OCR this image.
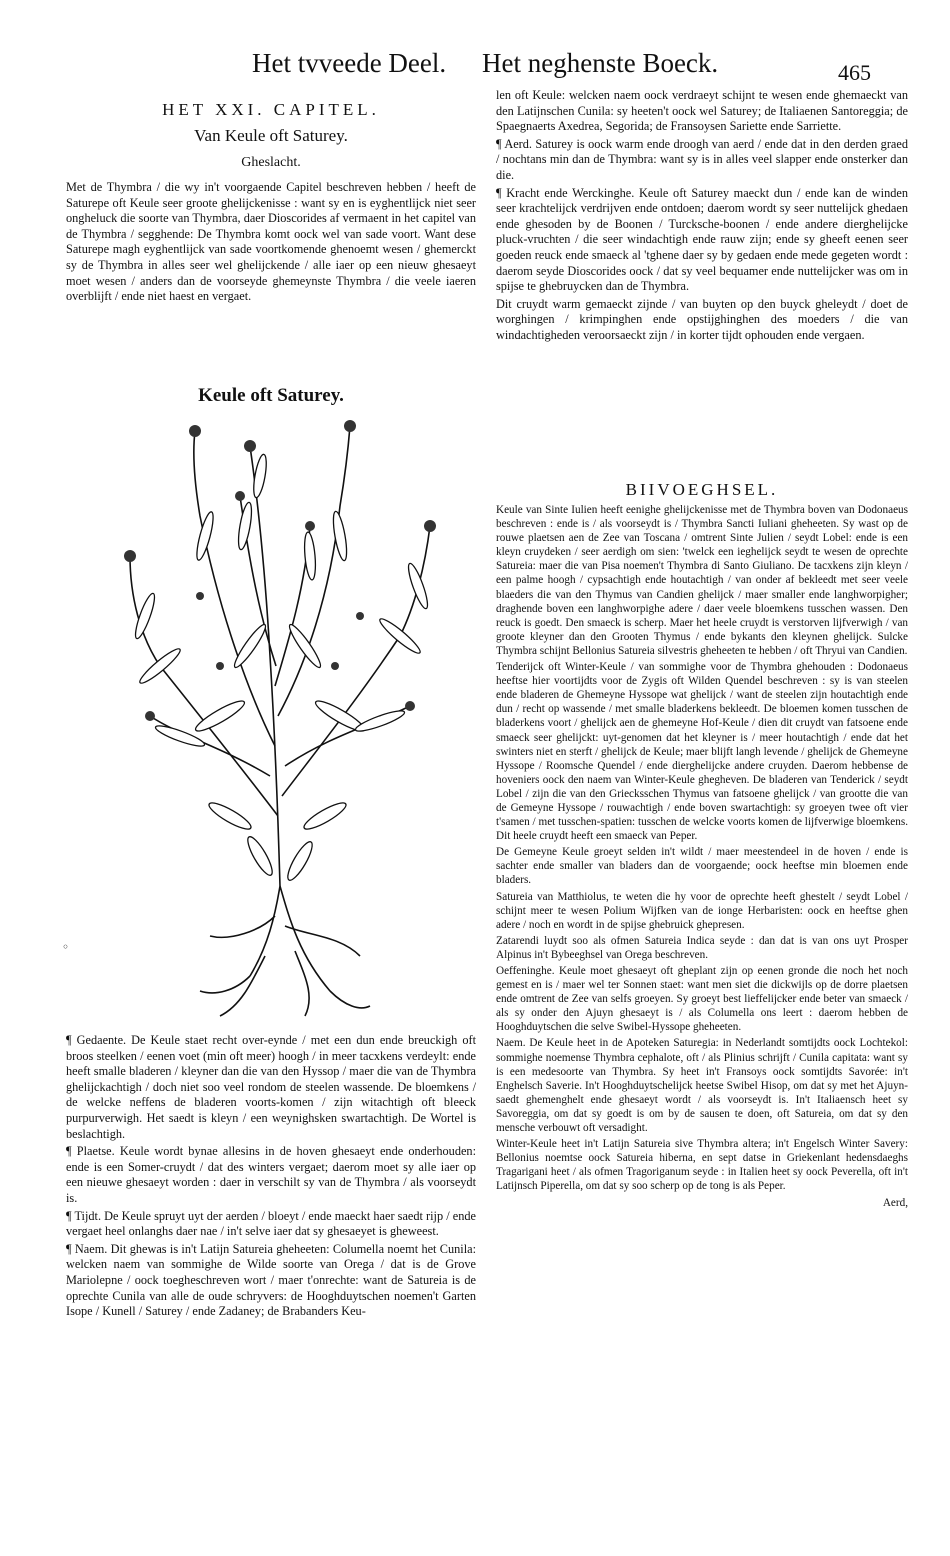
Het tvveede Deel. Het neghenste Boeck.	465
HET XXI. CAPITEL.
Van Keule oft Saturey.
Gheslacht.

Met de Thymbra / die wy in't voorgaende Capitel beschreven hebben / heeft de Saturepe oft Keule seer groote ghelijckenisse : want sy en is eyghentlijck niet seer ongheluck die soorte van Thymbra, daer Dioscorides af vermaent in het capitel van de Thymbra / segghende: De Thymbra komt oock wel van sade voort. Want dese Saturepe magh eyghentlijck van sade voortkomende ghenoemt wesen / ghemerckt sy de Thymbra in alles seer wel ghelijckende / alle iaer op een nieuw ghesaeyt moet wesen / anders dan de voorseyde ghemeynste Thymbra / die veele iaeren overblijft / ende niet haest en vergaet.

Keule oft Saturey.
◦

¶ Gedaente. De Keule staet recht over-eynde / met een dun ende breuckigh oft broos steelken / eenen voet (min oft meer) hoogh / in meer tacxkens verdeylt: ende heeft smalle bladeren / kleyner dan die van den Hyssop / maer die van de Thymbra ghelijckachtigh / doch niet soo veel rondom de steelen wassende. De bloemkens / de welcke neffens de bladeren voorts-komen / zijn witachtigh oft bleeck purpurverwigh. Het saedt is kleyn / een weynighsken swartachtigh. De Wortel is beslachtigh.

¶ Plaetse. Keule wordt bynae allesins in de hoven ghesaeyt ende onderhouden: ende is een Somer-cruydt / dat des winters vergaet; daerom moet sy alle iaer op een nieuwe ghesaeyt worden : daer in verschilt sy van de Thymbra / als voorseydt is.

¶ Tijdt. De Keule spruyt uyt der aerden / bloeyt / ende maeckt haer saedt rijp / ende vergaet heel onlanghs daer nae / in't selve iaer dat sy ghesaeyet is gheweest.

¶ Naem. Dit ghewas is in't Latijn Satureia gheheeten: Columella noemt het Cunila: welcken naem van sommighe de Wilde soorte van Orega / dat is de Grove Mariolepne / oock toegheschreven wort / maer t'onrechte: want de Satureia is de oprechte Cunila van alle de oude schryvers: de Hooghduytschen noemen't Garten Isope / Kunell / Saturey / ende Zadaney; de Brabanders Keu-

len oft Keule: welcken naem oock verdraeyt schijnt te wesen ende ghemaeckt van den Latijnschen Cunila: sy heeten't oock wel Saturey; de Italiaenen Santoreggia; de Spaegnaerts Axedrea, Segorida; de Fransoysen Sariette ende Sarriette.

¶ Aerd. Saturey is oock warm ende droogh van aerd / ende dat in den derden graed / nochtans min dan de Thymbra: want sy is in alles veel slapper ende onsterker dan die.

¶ Kracht ende Werckinghe. Keule oft Saturey maeckt dun / ende kan de winden seer krachtelijck verdrijven ende ontdoen; daerom wordt sy seer nuttelijck ghedaen ende ghesoden by de Boonen / Turcksche-boonen / ende andere dierghelijcke pluck-vruchten / die seer windachtigh ende rauw zijn; ende sy gheeft eenen seer goeden reuck ende smaeck al 'tghene daer sy by gedaen ende mede gegeten wordt : daerom seyde Dioscorides oock / dat sy veel bequamer ende nuttelijcker was om in spijse te ghebruycken dan de Thymbra.

Dit cruydt warm gemaeckt zijnde / van buyten op den buyck gheleydt / doet de worghingen / krimpinghen ende opstijghinghen des moeders / die van windachtigheden veroorsaeckt zijn / in korter tijdt ophouden ende vergaen.

BIIVOEGHSEL.

Keule van Sinte Iulien heeft eenighe ghelijckenisse met de Thymbra boven van Dodonaeus beschreven : ende is / als voorseydt is / Thymbra Sancti Iuliani gheheeten. Sy wast op de rouwe plaetsen aen de Zee van Toscana / omtrent Sinte Julien / seydt Lobel: ende is een kleyn cruydeken / seer aerdigh om sien: 'twelck een ieghelijck seydt te wesen de oprechte Satureia: maer die van Pisa noemen't Thymbra di Santo Giuliano. De tacxkens zijn kleyn / een palme hoogh / cypsachtigh ende houtachtigh / van onder af bekleedt met seer veele blaeders die van den Thymus van Candien ghelijck / maer smaller ende langhworpigher; draghende boven een langhworpighe adere / daer veele bloemkens tusschen wassen. Den reuck is goedt. Den smaeck is scherp. Maer het heele cruydt is verstorven lijfverwigh / van groote kleyner dan den Grooten Thymus / ende bykants den kleynen ghelijck. Sulcke Thymbra schijnt Bellonius Satureia silvestris gheheeten te hebben / oft Thryui van Candien.

Tenderijck oft Winter-Keule / van sommighe voor de Thymbra ghehouden : Dodonaeus heeftse hier voortijdts voor de Zygis oft Wilden Quendel beschreven : sy is van steelen ende bladeren de Ghemeyne Hyssope wat ghelijck / want de steelen zijn houtachtigh ende dun / recht op wassende / met smalle bladerkens bekleedt. De bloemen komen tusschen de bladerkens voort / ghelijck aen de ghemeyne Hof-Keule / dien dit cruydt van fatsoene ende smaeck seer ghelijckt: uyt-genomen dat het kleyner is / meer houtachtigh / ende dat het swinters niet en sterft / ghelijck de Keule; maer blijft langh levende / ghelijck de Ghemeyne Hyssope / Roomsche Quendel / ende dierghelijcke andere cruyden. Daerom hebbense de hoveniers oock den naem van Winter-Keule ghegheven. De bladeren van Tenderick / seydt Lobel / zijn die van den Griecksschen Thymus van fatsoene ghelijck / van grootte die van de Gemeyne Hyssope / rouwachtigh / ende boven swartachtigh: sy groeyen twee oft vier t'samen / met tusschen-spatien: tusschen de welcke voorts komen de lijfverwige bloemkens. Dit heele cruydt heeft een smaeck van Peper.

De Gemeyne Keule groeyt selden in't wildt / maer meestendeel in de hoven / ende is sachter ende smaller van bladers dan de voorgaende; oock heeftse min bloemen ende bladers.

Satureia van Matthiolus, te weten die hy voor de oprechte heeft ghestelt / seydt Lobel / schijnt meer te wesen Polium Wijfken van de ionge Herbaristen: oock en heeftse ghen adere / noch en wordt in de spijse ghebruick ghepresen.

Zatarendi luydt soo als ofmen Satureia Indica seyde : dan dat is van ons uyt Prosper Alpinus in't Bybeeghsel van Orega beschreven.

Oeffeninghe. Keule moet ghesaeyt oft gheplant zijn op eenen gronde die noch het noch gemest en is / maer wel ter Sonnen staet: want men siet die dickwijls op de dorre plaetsen ende omtrent de Zee van selfs groeyen. Sy groeyt best lieffelijcker ende beter van smaeck / als sy onder den Ajuyn ghesaeyt is / als Columella ons leert : daerom hebben de Hooghduytschen die selve Swibel-Hyssope gheheeten.

Naem. De Keule heet in de Apoteken Saturegia: in Nederlandt somtijdts oock Lochtekol: sommighe noemense Thymbra cephalote, oft / als Plinius schrijft / Cunila capitata: want sy is een medesoorte van Thymbra. Sy heet in't Fransoys oock somtijdts Savorée: in't Enghelsch Saverie. In't Hooghduytschelijck heetse Swibel Hisop, om dat sy met het Ajuyn-saedt ghemenghelt ende ghesaeyt wordt / als voorseydt is. In't Italiaensch heet sy Savoreggia, om dat sy goedt is om by de sausen te doen, oft Satureia, om dat sy den mensche verbouwt oft versadight.

Winter-Keule heet in't Latijn Satureia sive Thymbra altera; in't Engelsch Winter Savery: Bellonius noemtse oock Satureia hiberna, en sept datse in Griekenlant hedensdaeghs Tragarigani heet / als ofmen Tragoriganum seyde : in Italien heet sy oock Peverella, oft in't Latijnsch Piperella, om dat sy soo scherp op de tong is als Peper.

Aerd,
